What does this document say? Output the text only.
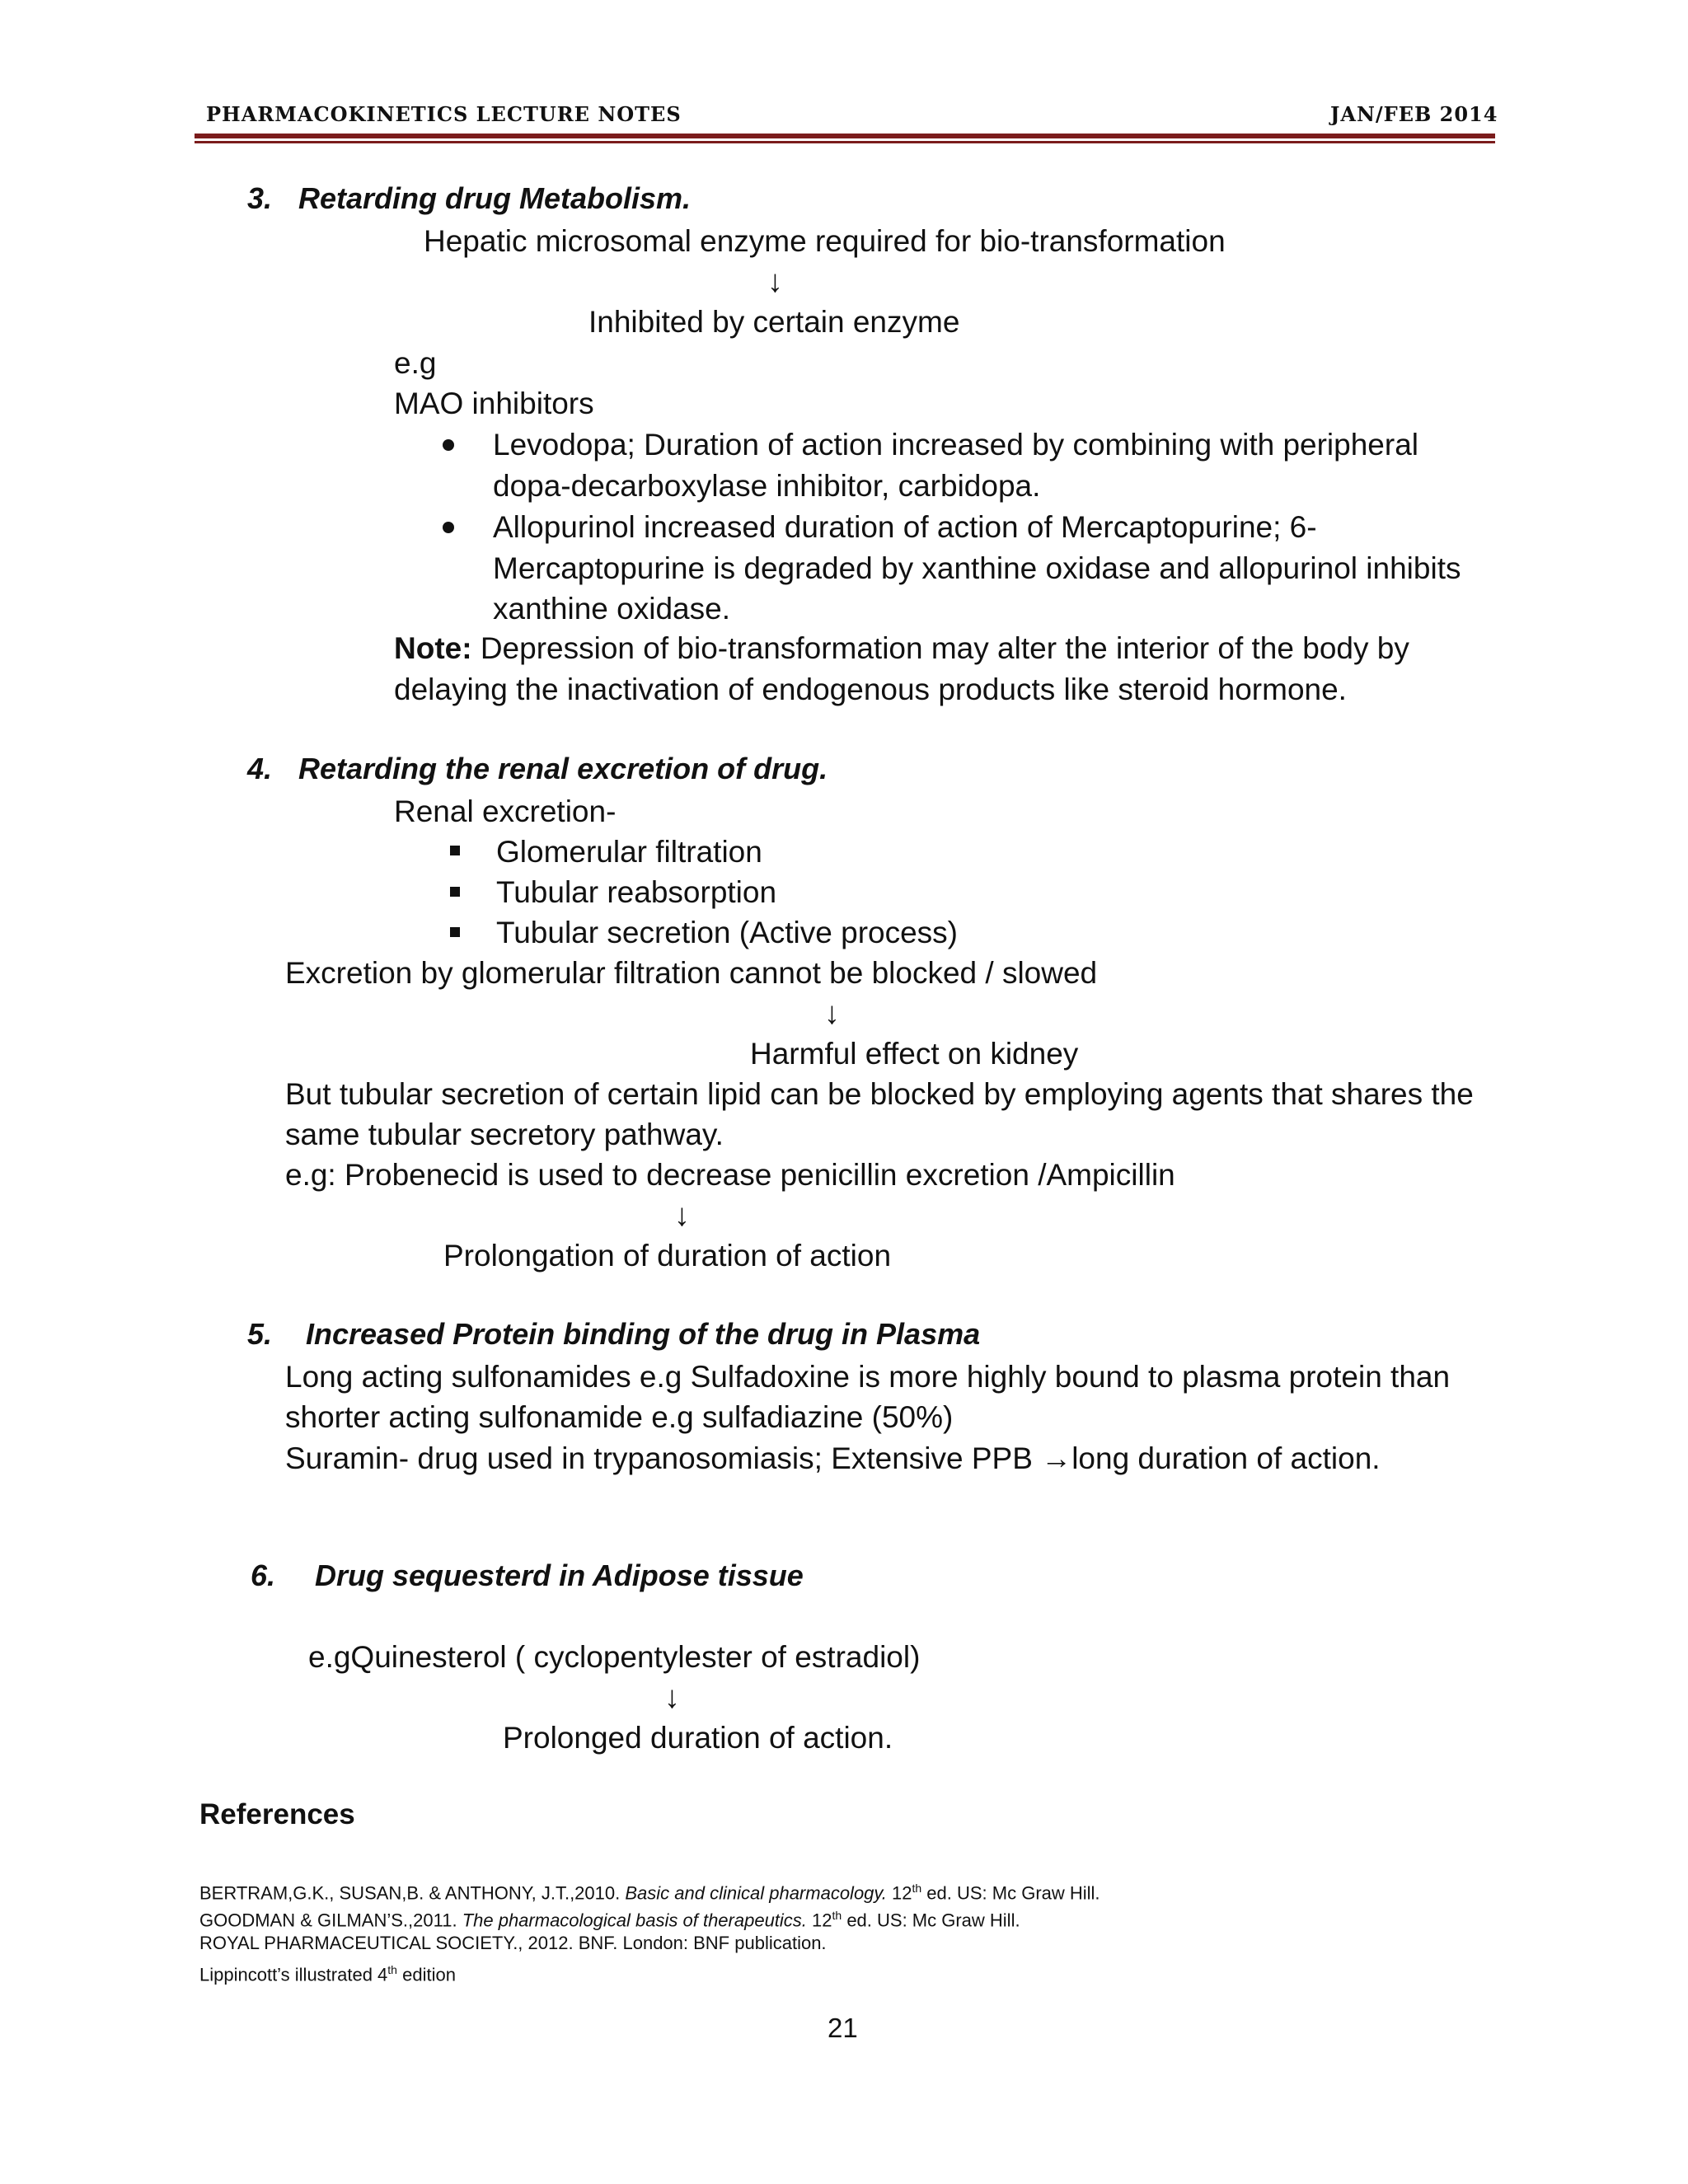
PHARMACOKINETICS LECTURE NOTES	JAN/FEB 2014
3. Retarding drug Metabolism.
Hepatic microsomal enzyme required for bio-transformation
↓
Inhibited by certain enzyme
e.g
MAO inhibitors
Levodopa; Duration of action increased by combining with peripheral
dopa-decarboxylase inhibitor, carbidopa.
Allopurinol increased duration of action of Mercaptopurine; 6-
Mercaptopurine is degraded by xanthine oxidase and allopurinol inhibits
xanthine oxidase.
Note: Depression of bio-transformation may alter the interior of the body by
delaying the inactivation of endogenous products like steroid hormone.
4. Retarding the renal excretion of drug.
Renal excretion-
Glomerular filtration
Tubular reabsorption
Tubular secretion (Active process)
Excretion by glomerular filtration cannot be blocked / slowed
↓
Harmful effect on kidney
But tubular secretion of certain lipid can be blocked by employing agents that shares the
same tubular secretory pathway.
e.g: Probenecid is used to decrease penicillin excretion /Ampicillin
↓
Prolongation of duration of action
5. Increased Protein binding of the drug in Plasma
Long acting sulfonamides e.g Sulfadoxine is more highly bound to plasma protein than
shorter acting sulfonamide e.g sulfadiazine (50%)
Suramin- drug used in trypanosomiasis; Extensive PPB →long duration of action.
6. Drug sequesterd in Adipose tissue
e.gQuinesterol ( cyclopentylester of estradiol)
↓
Prolonged duration of action.
References
BERTRAM,G.K., SUSAN,B. & ANTHONY, J.T.,2010. Basic and clinical pharmacology. 12th ed. US: Mc Graw Hill.
GOODMAN & GILMAN’S.,2011. The pharmacological basis of therapeutics. 12th ed. US: Mc Graw Hill.
ROYAL PHARMACEUTICAL SOCIETY., 2012. BNF. London: BNF publication.
Lippincott’s illustrated 4th edition
21
